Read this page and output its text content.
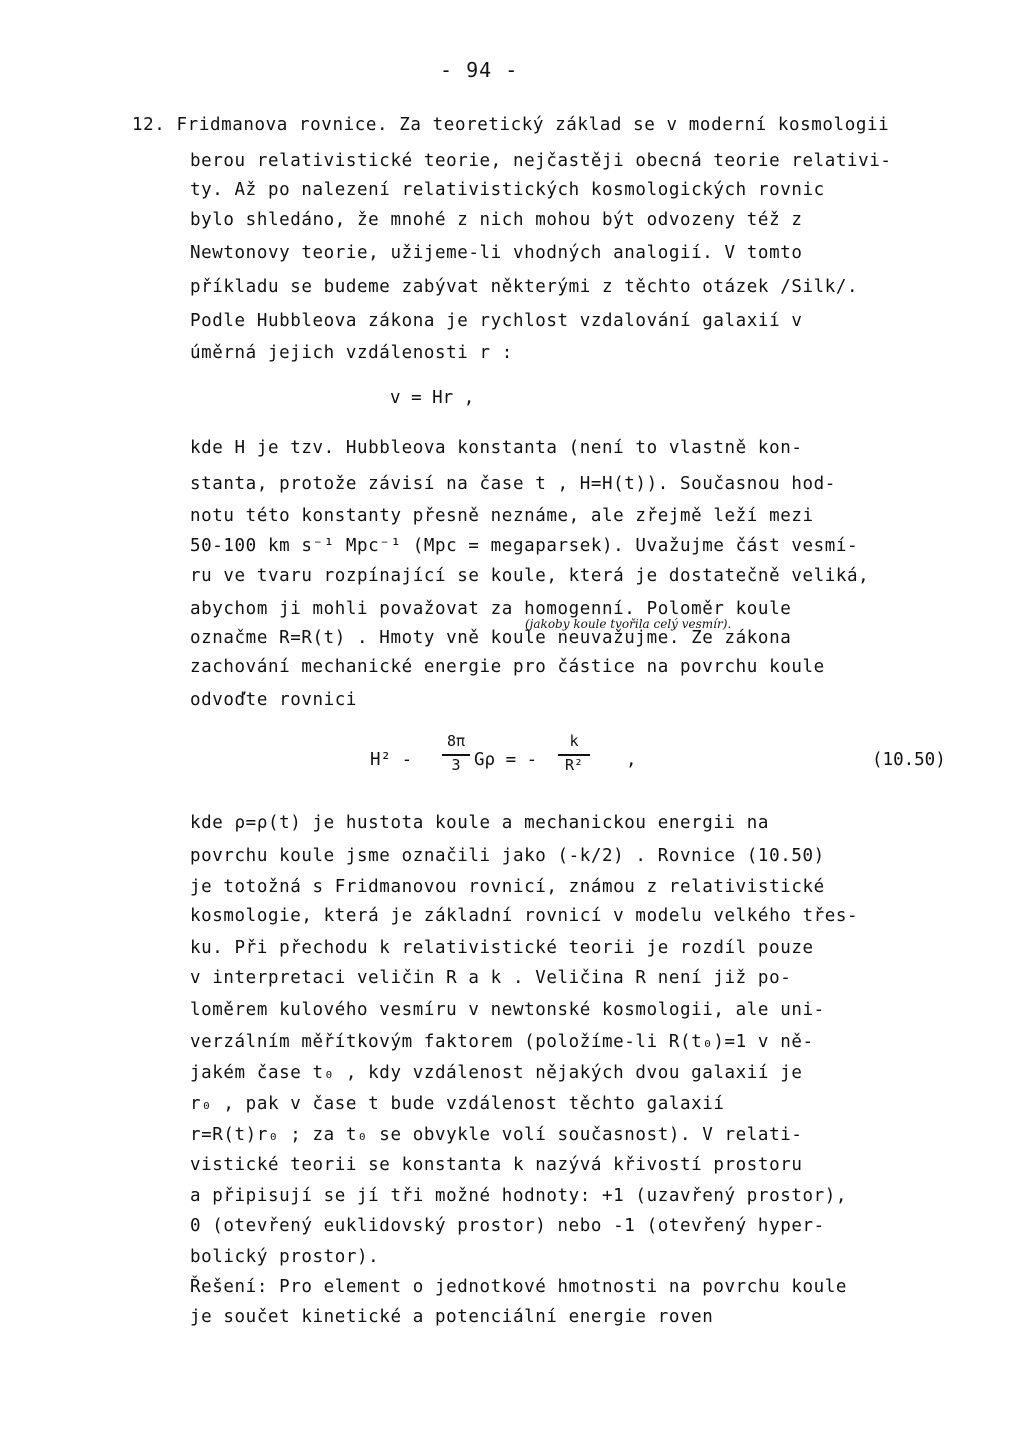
- 94 -
12. Fridmanova rovnice. Za teoretický základ se v moderní kosmologii
berou relativistické teorie, nejčastěji obecná teorie relativi-
ty. Až po nalezení relativistických kosmologických rovnic
bylo shledáno, že mnohé z nich mohou být odvozeny též z
Newtonovy teorie, užijeme-li vhodných analogií. V tomto
příkladu se budeme zabývat některými z těchto otázek /Silk/.
Podle Hubbleova zákona je rychlost vzdalování galaxií v
úměrná jejich vzdálenosti r :
v = Hr ,
kde H je tzv. Hubbleova konstanta (není to vlastně kon-
stanta, protože závisí na čase t , H=H(t)). Současnou hod-
notu této konstanty přesně neznáme, ale zřejmě leží mezi
50-100 km s⁻¹ Mpc⁻¹ (Mpc = megaparsek). Uvažujme část vesmí-
ru ve tvaru rozpínající se koule, která je dostatečně veliká,
abychom ji mohli považovat za homogenní. Poloměr koule
(jakoby koule tvořila celý vesmír).
označme R=R(t) . Hmoty vně koule neuvažujme. Ze zákona
zachování mechanické energie pro částice na povrchu koule
odvoďte rovnici
H² -
8π
3 Gρ = -
k
R²	,	(10.50)
kde ρ=ρ(t) je hustota koule a mechanickou energii na
povrchu koule jsme označili jako (-k/2) . Rovnice (10.50)
je totožná s Fridmanovou rovnicí, známou z relativistické
kosmologie, která je základní rovnicí v modelu velkého třes-
ku. Při přechodu k relativistické teorii je rozdíl pouze
v interpretaci veličin R a k . Veličina R není již po-
loměrem kulového vesmíru v newtonské kosmologii, ale uni-
verzálním měřítkovým faktorem (položíme-li R(t₀)=1 v ně-
jakém čase t₀ , kdy vzdálenost nějakých dvou galaxií je
r₀ , pak v čase t bude vzdálenost těchto galaxií
r=R(t)r₀ ; za t₀ se obvykle volí současnost). V relati-
vistické teorii se konstanta k nazývá křivostí prostoru
a připisují se jí tři možné hodnoty: +1 (uzavřený prostor),
0 (otevřený euklidovský prostor) nebo -1 (otevřený hyper-
bolický prostor).
Řešení: Pro element o jednotkové hmotnosti na povrchu koule
je součet kinetické a potenciální energie roven
